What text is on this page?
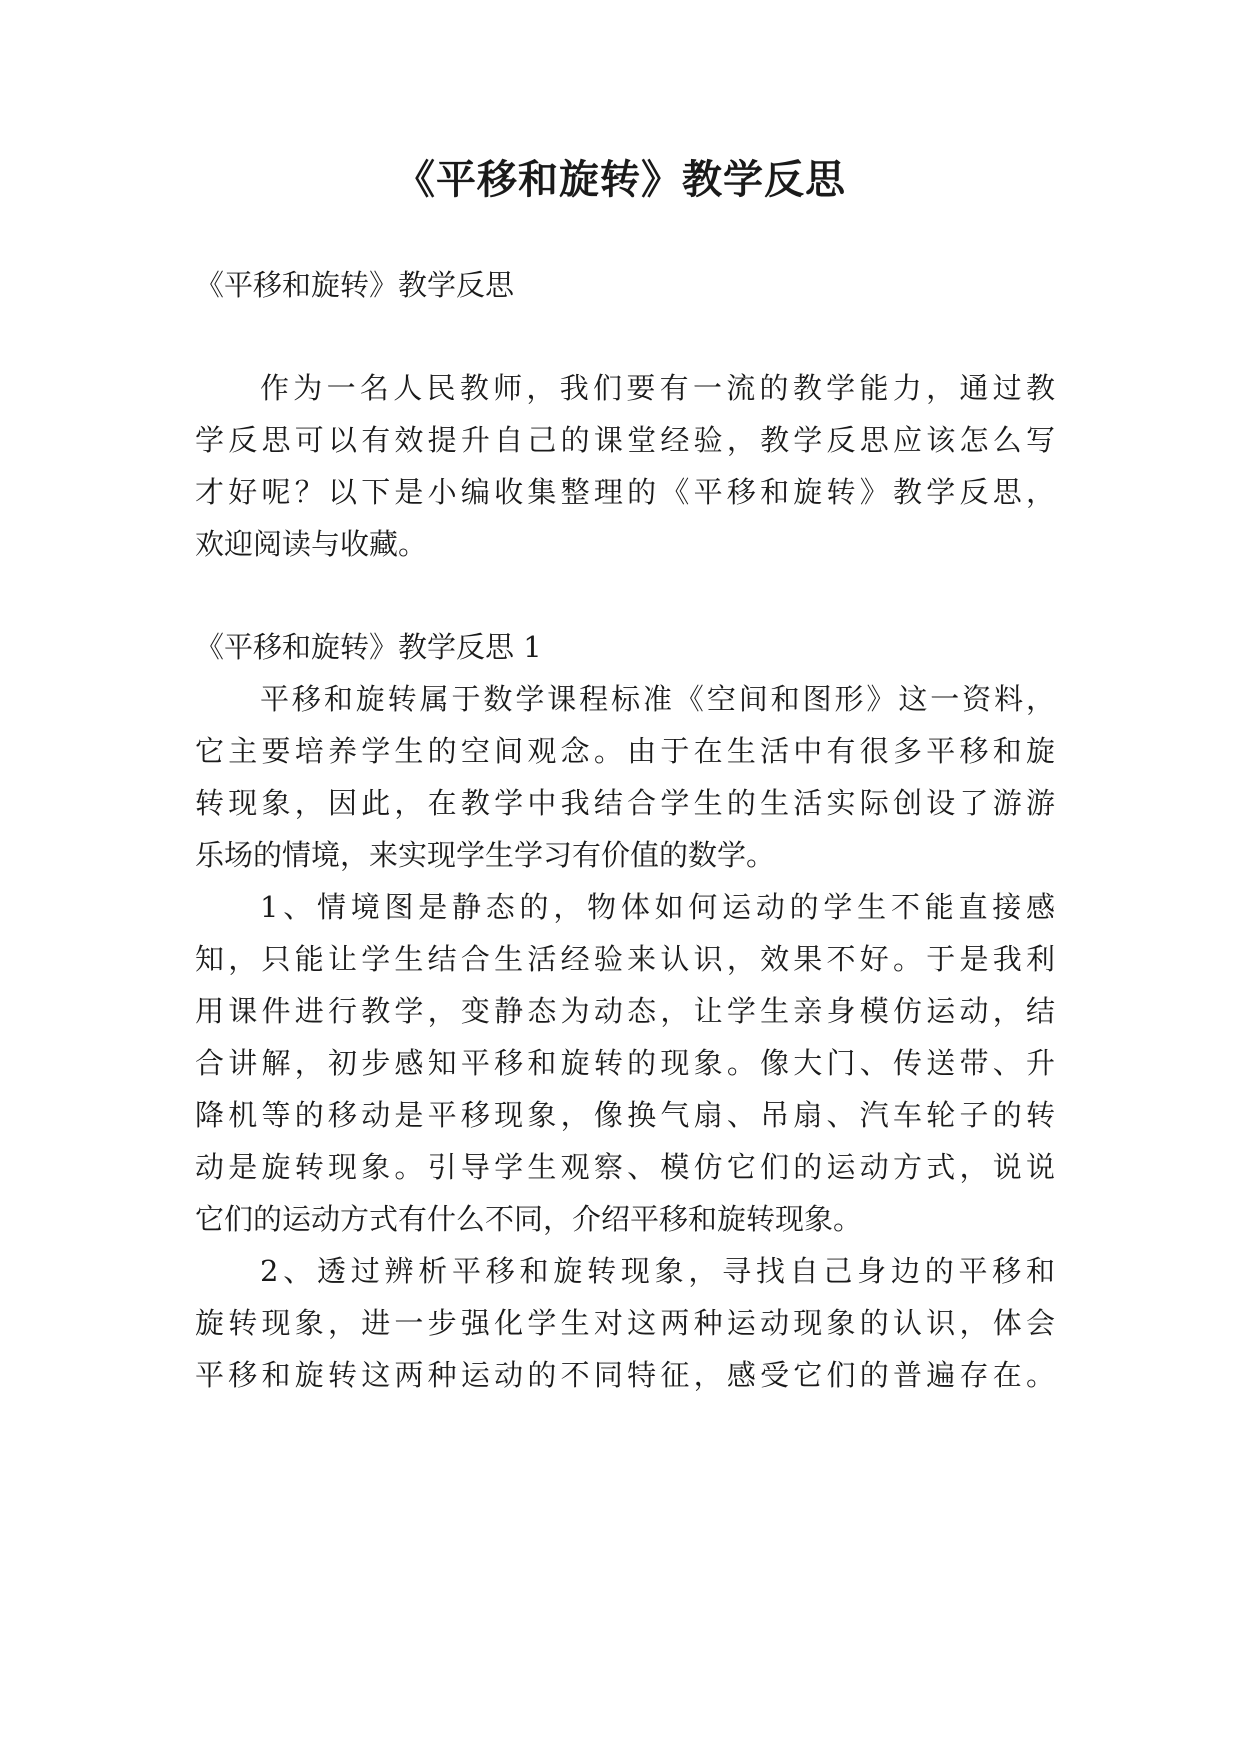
《平移和旋转》教学反思

《平移和旋转》教学反思

作为一名人民教师，我们要有一流的教学能力，通过教

学反思可以有效提升自己的课堂经验，教学反思应该怎么写

才好呢？以下是小编收集整理的《平移和旋转》教学反思，

欢迎阅读与收藏。

《平移和旋转》教学反思 1

平移和旋转属于数学课程标准《空间和图形》这一资料，

它主要培养学生的空间观念。由于在生活中有很多平移和旋

转现象，因此，在教学中我结合学生的生活实际创设了游游

乐场的情境，来实现学生学习有价值的数学。

1、情境图是静态的，物体如何运动的学生不能直接感

知，只能让学生结合生活经验来认识，效果不好。于是我利

用课件进行教学，变静态为动态，让学生亲身模仿运动，结

合讲解，初步感知平移和旋转的现象。像大门、传送带、升

降机等的移动是平移现象，像换气扇、吊扇、汽车轮子的转

动是旋转现象。引导学生观察、模仿它们的运动方式，说说

它们的运动方式有什么不同，介绍平移和旋转现象。

2、透过辨析平移和旋转现象，寻找自己身边的平移和

旋转现象，进一步强化学生对这两种运动现象的认识，体会

平移和旋转这两种运动的不同特征，感受它们的普遍存在。
